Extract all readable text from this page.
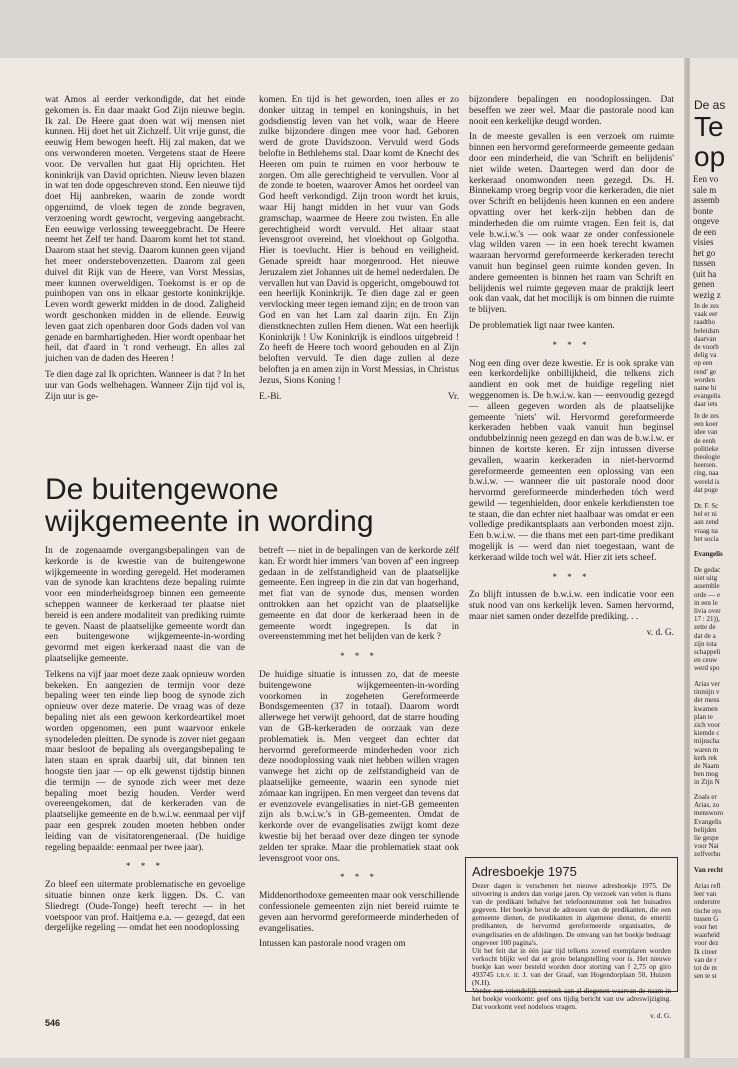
wat Amos al eerder verkondigde, dat het einde gekomen is. En daar maakt God Zijn nieuwe begin. Ik zal. De Heere gaat doen wat wij mensen niet kunnen. Hij doet het uit Zichzelf. Uit vrije gunst, die eeuwig Hem bewogen heeft. Hij zal maken, dat we ons verwonderen moeten. Vergetens staat de Heere voor. De vervallen hut gaat Hij oprichten. Het koninkrijk van David oprichten. Nieuw leven blazen in wat ten dode opgeschreven stond. Een nieuwe tijd doet Hij aanbreken, waarin de zonde wordt opgeruimd, de vloek tegen de zonde begraven, verzoening wordt gewrocht, vergeving aangebracht. Een eeuwige verlossing teweeggebracht. De Heere neemt het Zelf ter hand. Daarom komt het tot stand. Daarom staat het stevig. Daarom kunnen geen vijand het meer onderstebovenzetten. Daarom zal geen duivel dit Rijk van de Heere, van Vorst Messias, meer kunnen overweldigen. Toekomst is er op de puinhopen van ons in elkaar gestorte koninkrijkje. Leven wordt gewerkt midden in de dood. Zaligheid wordt geschonken midden in de ellende. Eeuwig leven gaat zich openbaren door Gods daden vol van genade en barmhartigheden. Hier wordt openbaar het heil, dat d'aard in 't rond verheugt. En alles zal juichen van de daden des Heeren !

Te dien dage zal Ik oprichten. Wanneer is dat ? In het uur van Gods welbehagen. Wanneer Zijn tijd vol is, Zijn uur is ge-

komen. En tijd is het geworden, toen alles er zo donker uitzag in tempel en koningshuis, in het godsdienstig leven van het volk, waar de Heere zulke bijzondere dingen mee voor had. Geboren werd de grote Davidszoon. Vervuld werd Gods belofte in Bethlehems stal. Daar komt de Knecht des Heeren om puin te ruimen en voor herbouw te zorgen. Om alle gerechtigheid te vervullen. Voor al de zonde te boeten, waarover Amos het oordeel van God heeft verkondigd. Zijn troon wordt het kruis, waar Hij hangt midden in het vuur van Gods gramschap, waarmee de Heere zou twisten. En alle gerechtigheid wordt vervuld. Het altaar staat levensgroot overeind, het vloekhout op Golgotha. Hier is toevlucht. Hier is behoud en veiligheid. Genade spreidt haar morgenrood. Het nieuwe Jeruzalem ziet Johannes uit de hemel nederdalen. De vervallen hut van David is opgericht, omgebouwd tot een heerlijk Koninkrijk. Te dien dage zal er geen vervlocking meer tegen iemand zijn; en de troon van God en van het Lam zal daarin zijn. En Zijn dienstknechten zullen Hem dienen. Wat een heerlijk Koninkrijk ! Uw Koninkrijk is eindloos uitgebreid ! Zo heeft de Heere toch woord gehouden en al Zijn beloften vervuld. Te dien dage zullen al deze beloften ja en amen zijn in Vorst Messias, in Christus Jezus, Sions Koning !

E.-Bi.	Vr.

bijzondere bepalingen en noodoplossingen. Dat beseffen we zeer wel. Maar die pastorale nood kan nooit een kerkelijke deugd worden.

In de meeste gevallen is een verzoek om ruimte binnen een hervormd gereformeerde gemeente gedaan door een minderheid, die van 'Schrift en belijdenis' niet wilde weten. Daartegen werd dan door de kerkeraad onomwonden neen gezegd. Ds. H. Binnekamp vroeg begrip voor die kerkeraden, die niet over Schrift en belijdenis heen kunnen en een andere opvatting over het kerk-zijn hebben dan de minderheden die om ruimte vragen. Een feit is, dat vele b.w.i.w.'s — ook waar ze onder confessionele vlag wilden varen — in een hoek terecht kwamen waaraan hervormd gereformeerde kerkeraden terecht vanuit hun beginsel geen ruimte konden geven. In andere gemeenten is binnen het raam van Schrift en belijdenis wel ruimte gegeven maar de praktijk leert ook dan vaak, dat het mocilijk is om binnen die ruimte te blijven.

De problematiek ligt naar twee kanten.

* * *

Nog een ding over deze kwestie. Er is ook sprake van een kerkordelijke onbillijkheid, die telkens zich aandient en ook met de huidige regeling niet weggenomen is. De b.w.i.w. kan — eenvoudig gezegd — alleen gegeven worden als de plaatselijke gemeente 'niets' wil. Hervormd gereformeerde kerkeraden hebben vaak vanuit hun beginsel ondubbelzinnig neen gezegd en dan was de b.w.i.w. er binnen de kortste keren. Er zijn intussen diverse gevallen, waarin kerkeraden in niet-hervormd gereformeerde gemeenten een oplossing van een b.w.i.w. — wanneer die uit pastorale nood door hervormd gereformeerde minderheden tóch werd gewild — tegenhielden, door enkele kerkdiensten toe te staan, die dan echter niet haalbaar was omdat er een volledige predikantsplaats aan verbonden moest zijn. Een b.w.i.w. — die thans met een part-time predikant mogelijk is — werd dan niet toegestaan, want de kerkeraad wilde toch wel wát. Hier zit iets scheef.

* * *

Zo blijft intussen de b.w.i.w. een indicatie voor een stuk nood van ons kerkelijk leven. Samen hervormd, maar niet samen onder dezelfde prediking. . .

v. d. G.

De buitengewone wijkgemeente in wording

In de zogenaamde overgangsbepalingen van de kerkorde is de kwestie van de buitengewone wijkgemeente in wording geregeld. Het moderamen van de synode kan krachtens deze bepaling ruimte voor een minderheidsgroep binnen een gemeente scheppen wanneer de kerkeraad ter plaatse niet bereid is een andere modaliteit van prediking ruimte te geven. Naast de plaatselijke gemeente wordt dan een buitengewone wijkgemeente-in-wording gevormd met eigen kerkeraad naast die van de plaatselijke gemeente.

Telkens na vijf jaar moet deze zaak opnieuw worden bekeken. En aangezien de termijn voor deze bepaling weer ten einde liep boog de synode zich opnieuw over deze materie. De vraag was of deze bepaling niet als een gewoon kerkordeartikel moet worden opgenomen, een punt waarvoor enkele synodeleden pleitten. De synode is zover niet gegaan maar besloot de bepaling als overgangsbepaling te laten staan en sprak daarbij uit, dat binnen ten hoogste tien jaar — op elk gewenst tijdstip binnen die termijn — de synode zich weer met deze bepaling moet bezig houden. Verder werd overeengekomen, dat de kerkeraden van de plaatselijke gemeente en de b.w.i.w. eenmaal per vijf paar een gesprek zouden moeten hebben onder leiding van de visitatorengeneraal. (De huidige regeling bepaalde: eenmaal per twee jaar).

* * *

Zo bleef een uitermate problematische en gevoelige situatie binnen onze kerk liggen. Ds. C. van Sliedregt (Oude-Tonge) heeft terecht — in het voetspoor van prof. Haitjema e.a. — gezegd, dat een dergelijke regeling — omdat het een noodoplossing

betreft — niet in de bepalingen van de kerkorde zélf kan. Er wordt hier immers 'van boven af' een ingreep gedaan in de zelfstandigheid van de plaatselijke gemeente. Een ingreep in die zin dat van hogerhand, met fiat van de synode dus, mensen worden onttrokken aan het opzicht van de plaatselijke gemeente en dat door de kerkeraad heen in de gemeente wordt ingegrepen. Is dat in overeenstemming met het belijden van de kerk ?

* * *

De huidige situatie is intussen zo, dat de meeste buitengewone wijkgemeenten-in-wording voorkomen in zogeheten Gereformeerde Bondsgemeenten (37 in totaal). Daarom wordt allerwege het verwijt gehoord, dat de starre houding van de GB-kerkeraden de oorzaak van deze problematiek is. Men vergeet dan echter dat hervormd gereformeerde minderheden voor zich deze noodoplossing vaak niet hebben willen vragen vanwege het zicht op de zelfstandigheid van de plaatselijke gemeente, waarin een synode niet zómaar kan ingrijpen. En men vergeet dan tevens dat er evenzovele evangelisaties in niet-GB gemeenten zijn als b.w.i.w.'s in GB-gemeenten. Omdat de kerkorde over de evangelisaties zwijgt komt deze kwestie bij het beraad over deze dingen ter synode zelden ter sprake. Maar die problematiek staat ook levensgroot voor ons.

* * *

Middenorthodoxe gemeenten maar ook verschillende confessionele gemeenten zijn niet bereid ruimte te geven aan hervormd gereformeerde minderheden of evangelisaties.

Intussen kan pastorale nood vragen om

Adresboekje 1975

Dezer dagen is verschenen het nieuwe adresboekje 1975. De uitvoering is anders dan vorige jaren. Op verzoek van velen is thans van de predikant behalve het telefoonnummer ook het huisadres gegeven. Het boekje bevat de adressen van de predikanten, die een gemeente dienen, de predikanten in algemene dienst, de emeriti predikanten, de hervormd gereformeerde organisaties, de evangelisaties en de afdelingen. De omvang van het boekje bedraagt ongeveer 100 pagina's.

Uit het feit dat in één jaar tijd telkens zoveel exemplaren worden verkocht blijkt wel dat er grote belangstelling voor is. Het nieuwe boekje kan weer besteld worden door storting van f 2,75 op giro 493745 t.n.v. ir. J. van der Graaf, van Hogendorplaan 50, Huizen (N.H).

Verder een vriendelijk verzoek aan al diegenen waarvan de naam in het boekje voorkomt: geef ons tijdig bericht van uw adreswijziging. Dat voorkomt veel nodeloos vragen.

v. d. G.

546
De as
Te
op
Een vo
sale m
assemb
bonte
ongeve
de een
visies
het go
tussen
(uit ha
genen
wezig z
In de zes
vaak eer
raadtho
beleidsm
daarvan
de voorb
delig va
op een
rend' ge
worden
name bi
evangelis
daar iets
In de zes
een koer
idee van
de eenh
politieke
theologie
heersen.
ring, naa
wereld is
dat poge
Dr. F. Sc
hel er ni
aan zend
vraag na
het socia
Evangelis
De gedac
niet uitg
assemble
orde — e
in een le
livia over
17 : 21)),
zette de
dat de a
zijn tota
schappeli
en ceuw
werd spo
Arias ver
tinmijn v
der mens
kwamen
plan te
zich voor
kiemde c
mijnscha
waren m
kerk rek
de Naam
ben mog
in Zijn N
Zoals er
Arias, zo
mensworo
Evangelis
belijden
lie gespe
voor Nai
zelfverhu
Van recht
Arias refl
leer van
onderstre
tische sys
tussen G
voor het
waarheid
voor dez
Ik citeer
van de r
tot de m
sen te st
